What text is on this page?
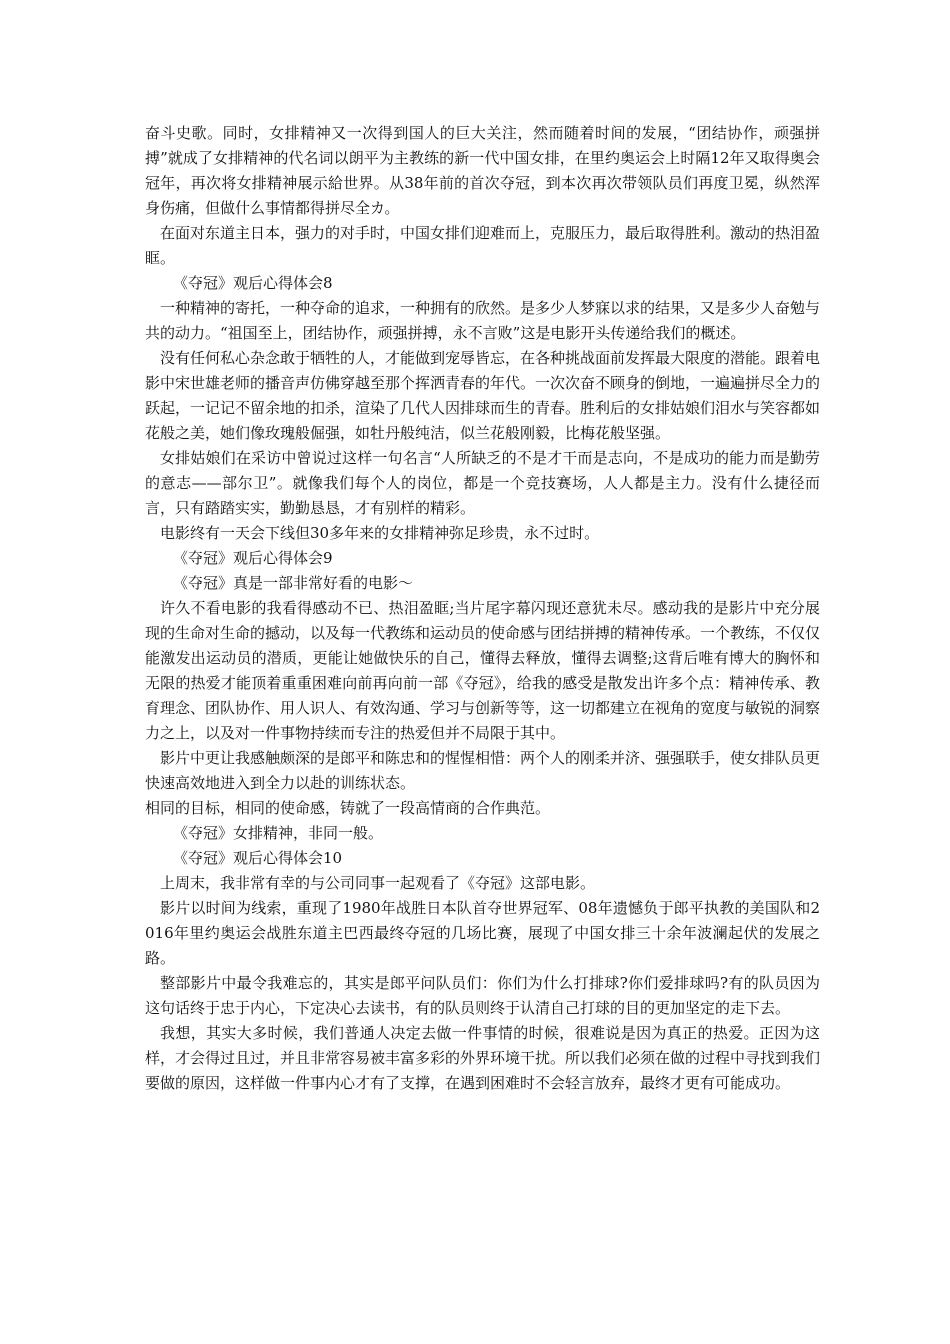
奋斗史歌。同时，女排精神又一次得到国人的巨大关注，然而随着时间的发展，“团结协作，顽强拼搏”就成了女排精神的代名词以朗平为主教练的新一代中国女排，在里约奥运会上时隔12年又取得奥会冠年，再次将女排精神展示給世界。从38年前的首次夺冠，到本次再次带领队员们再度卫冕，纵然浑身伤痛，但做什么事情都得拼尽全カ。

在面对东道主日本，强力的对手时，中国女排们迎难而上，克服压力，最后取得胜利。激动的热泪盈眶。

《夺冠》观后心得体会8

一种精神的寄托，一种夺命的追求，一种拥有的欣然。是多少人梦寐以求的结果，又是多少人奋勉与共的动力。“祖国至上，团结协作，顽强拼搏，永不言败”这是电影开头传递给我们的概述。

没有任何私心杂念敢于牺牲的人，才能做到宠辱皆忘，在各种挑战面前发挥最大限度的潜能。跟着电影中宋世雄老师的播音声仿佛穿越至那个挥洒青春的年代。一次次奋不顾身的倒地，一遍遍拼尽全力的跃起，一记记不留余地的扣杀，渲染了几代人因排球而生的青春。胜利后的女排姑娘们泪水与笑容都如花般之美，她们像玫瑰般倔强，如牡丹般纯洁，似兰花般刚毅，比梅花般坚强。

女排姑娘们在采访中曾说过这样一句名言“人所缺乏的不是才干而是志向，不是成功的能力而是勤劳的意志——部尔卫”。就像我们每个人的岗位，都是一个竞技赛场，人人都是主力。没有什么捷径而言，只有踏踏实实，勤勤恳恳，才有别样的精彩。

电影终有一天会下线但30多年来的女排精神弥足珍贵，永不过时。

《夺冠》观后心得体会9

《夺冠》真是一部非常好看的电影～

许久不看电影的我看得感动不已、热泪盈眶;当片尾字幕闪现还意犹未尽。感动我的是影片中充分展现的生命对生命的撼动，以及每一代教练和运动员的使命感与团结拼搏的精神传承。一个教练，不仅仅能激发出运动员的潜质，更能让她做快乐的自己，懂得去释放，懂得去调整;这背后唯有博大的胸怀和无限的热爱才能顶着重重困难向前再向前一部《夺冠》，给我的感受是散发出许多个点：精神传承、教育理念、团队协作、用人识人、有效沟通、学习与创新等等，这一切都建立在视角的宽度与敏锐的洞察力之上，以及对一件事物持续而专注的热爱但并不局限于其中。

影片中更让我感触颇深的是郎平和陈忠和的惺惺相惜：两个人的刚柔并济、强强联手，使女排队员更快速高效地进入到全力以赴的训练状态。

相同的目标，相同的使命感，铸就了一段高情商的合作典范。

《夺冠》女排精神，非同一般。

《夺冠》观后心得体会10

上周末，我非常有幸的与公司同事一起观看了《夺冠》这部电影。

影片以时间为线索，重现了1980年战胜日本队首夺世界冠军、08年遗憾负于郎平执教的美国队和2016年里约奥运会战胜东道主巴西最终夺冠的几场比赛，展现了中国女排三十余年波澜起伏的发展之路。

整部影片中最令我难忘的，其实是郎平问队员们：你们为什么打排球?你们爱排球吗?有的队员因为这句话终于忠于内心，下定决心去读书，有的队员则终于认清自己打球的目的更加坚定的走下去。

我想，其实大多时候，我们普通人决定去做一件事情的时候，很难说是因为真正的热爱。正因为这样，才会得过且过，并且非常容易被丰富多彩的外界环境干扰。所以我们必须在做的过程中寻找到我们要做的原因，这样做一件事内心才有了支撑，在遇到困难时不会轻言放弃，最终才更有可能成功。
